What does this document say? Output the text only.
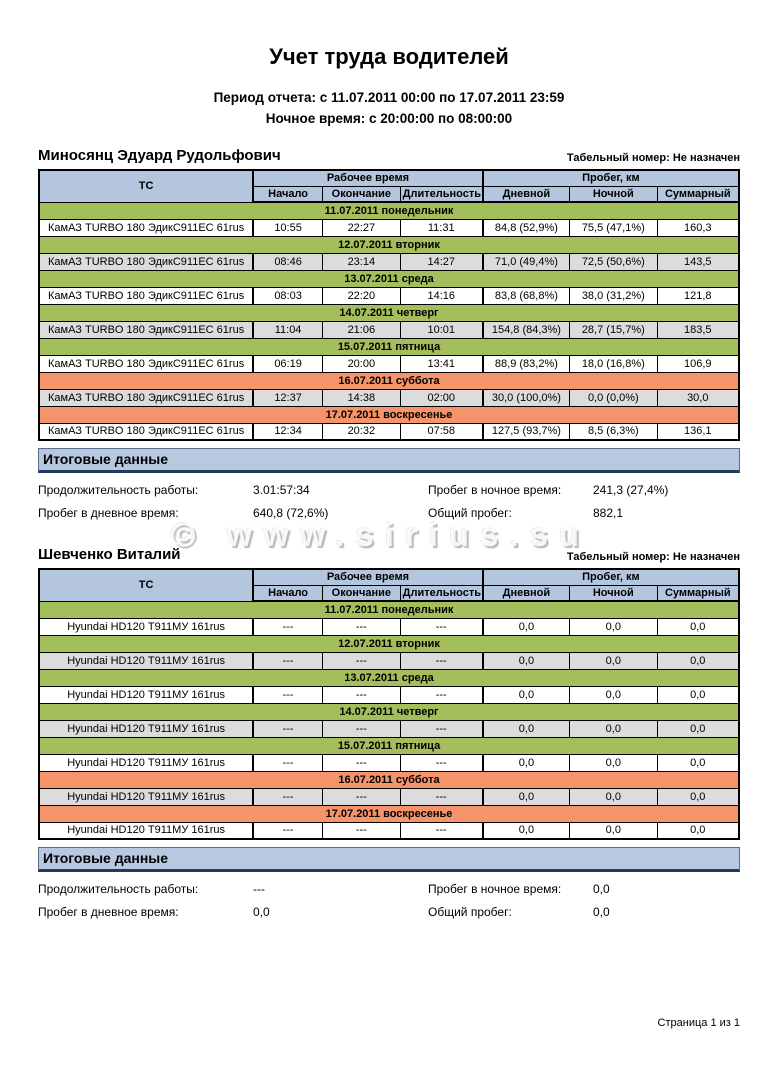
Учет труда водителей
Период отчета: с 11.07.2011 00:00 по 17.07.2011 23:59
Ночное время: с 20:00:00 по 08:00:00
Миносянц Эдуард Рудольфович	Табельный номер: Не назначен
ТС	Рабочее время			Пробег, км		
	Начало	Окончание	Длительность	Дневной	Ночной	Суммарный
11.07.2011 понедельник						
КамАЗ TURBO 180 ЭдикС911ЕС 61rus	10:55	22:27	11:31	84,8 (52,9%)	75,5 (47,1%)	160,3
12.07.2011 вторник						
КамАЗ TURBO 180 ЭдикС911ЕС 61rus	08:46	23:14	14:27	71,0 (49,4%)	72,5 (50,6%)	143,5
13.07.2011 среда						
КамАЗ TURBO 180 ЭдикС911ЕС 61rus	08:03	22:20	14:16	83,8 (68,8%)	38,0 (31,2%)	121,8
14.07.2011 четверг						
КамАЗ TURBO 180 ЭдикС911ЕС 61rus	11:04	21:06	10:01	154,8 (84,3%)	28,7 (15,7%)	183,5
15.07.2011 пятница						
КамАЗ TURBO 180 ЭдикС911ЕС 61rus	06:19	20:00	13:41	88,9 (83,2%)	18,0 (16,8%)	106,9
16.07.2011 суббота						
КамАЗ TURBO 180 ЭдикС911ЕС 61rus	12:37	14:38	02:00	30,0 (100,0%)	0,0 (0,0%)	30,0
17.07.2011 воскресенье						
КамАЗ TURBO 180 ЭдикС911ЕС 61rus	12:34	20:32	07:58	127,5 (93,7%)	8,5 (6,3%)	136,1
Итоговые данные
Продолжительность работы:	3.01:57:34	Пробег в ночное время:	241,3 (27,4%)
Пробег в дневное время:	640,8 (72,6%)	Общий пробег:	882,1
Шевченко Виталий	Табельный номер: Не назначен
ТС	Рабочее время			Пробег, км		
	Начало	Окончание	Длительность	Дневной	Ночной	Суммарный
11.07.2011 понедельник						
Hyundai HD120 Т911МУ 161rus	---	---	---	0,0	0,0	0,0
12.07.2011 вторник						
Hyundai HD120 Т911МУ 161rus	---	---	---	0,0	0,0	0,0
13.07.2011 среда						
Hyundai HD120 Т911МУ 161rus	---	---	---	0,0	0,0	0,0
14.07.2011 четверг						
Hyundai HD120 Т911МУ 161rus	---	---	---	0,0	0,0	0,0
15.07.2011 пятница						
Hyundai HD120 Т911МУ 161rus	---	---	---	0,0	0,0	0,0
16.07.2011 суббота						
Hyundai HD120 Т911МУ 161rus	---	---	---	0,0	0,0	0,0
17.07.2011 воскресенье						
Hyundai HD120 Т911МУ 161rus	---	---	---	0,0	0,0	0,0
Итоговые данные
Продолжительность работы:	---	Пробег в ночное время:	0,0
Пробег в дневное время:	0,0	Общий пробег:	0,0
© www.sirius.su
Страница 1 из 1
